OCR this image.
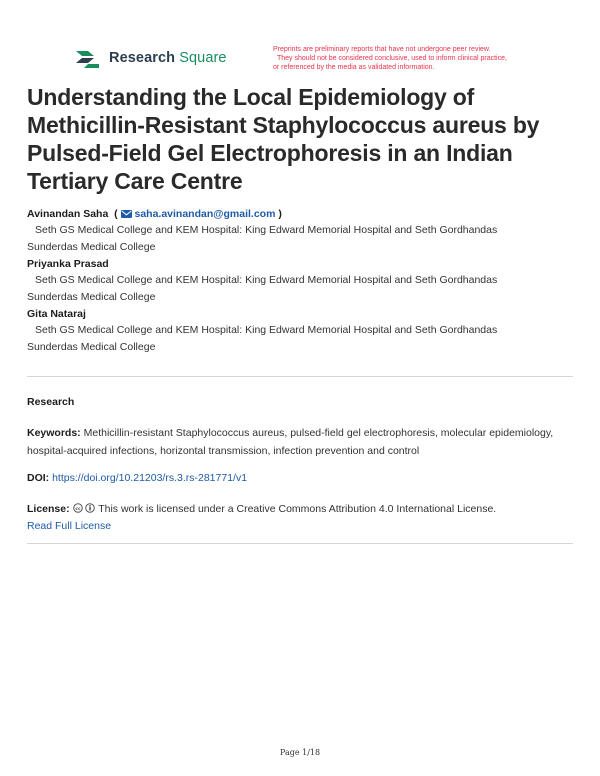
Research Square
Preprints are preliminary reports that have not undergone peer review.
They should not be considered conclusive, used to inform clinical practice,
or referenced by the media as validated information.
Understanding the Local Epidemiology of Methicillin-Resistant Staphylococcus aureus by Pulsed-Field Gel Electrophoresis in an Indian Tertiary Care Centre
Avinandan Saha  (  saha.avinandan@gmail.com )
Seth GS Medical College and KEM Hospital: King Edward Memorial Hospital and Seth Gordhandas
Sunderdas Medical College
Priyanka Prasad
Seth GS Medical College and KEM Hospital: King Edward Memorial Hospital and Seth Gordhandas
Sunderdas Medical College
Gita Nataraj
Seth GS Medical College and KEM Hospital: King Edward Memorial Hospital and Seth Gordhandas
Sunderdas Medical College
Research
Keywords: Methicillin-resistant Staphylococcus aureus, pulsed-field gel electrophoresis, molecular epidemiology, hospital-acquired infections, horizontal transmission, infection prevention and control
DOI: https://doi.org/10.21203/rs.3.rs-281771/v1
License: cc This work is licensed under a Creative Commons Attribution 4.0 International License.
Read Full License
Page 1/18
